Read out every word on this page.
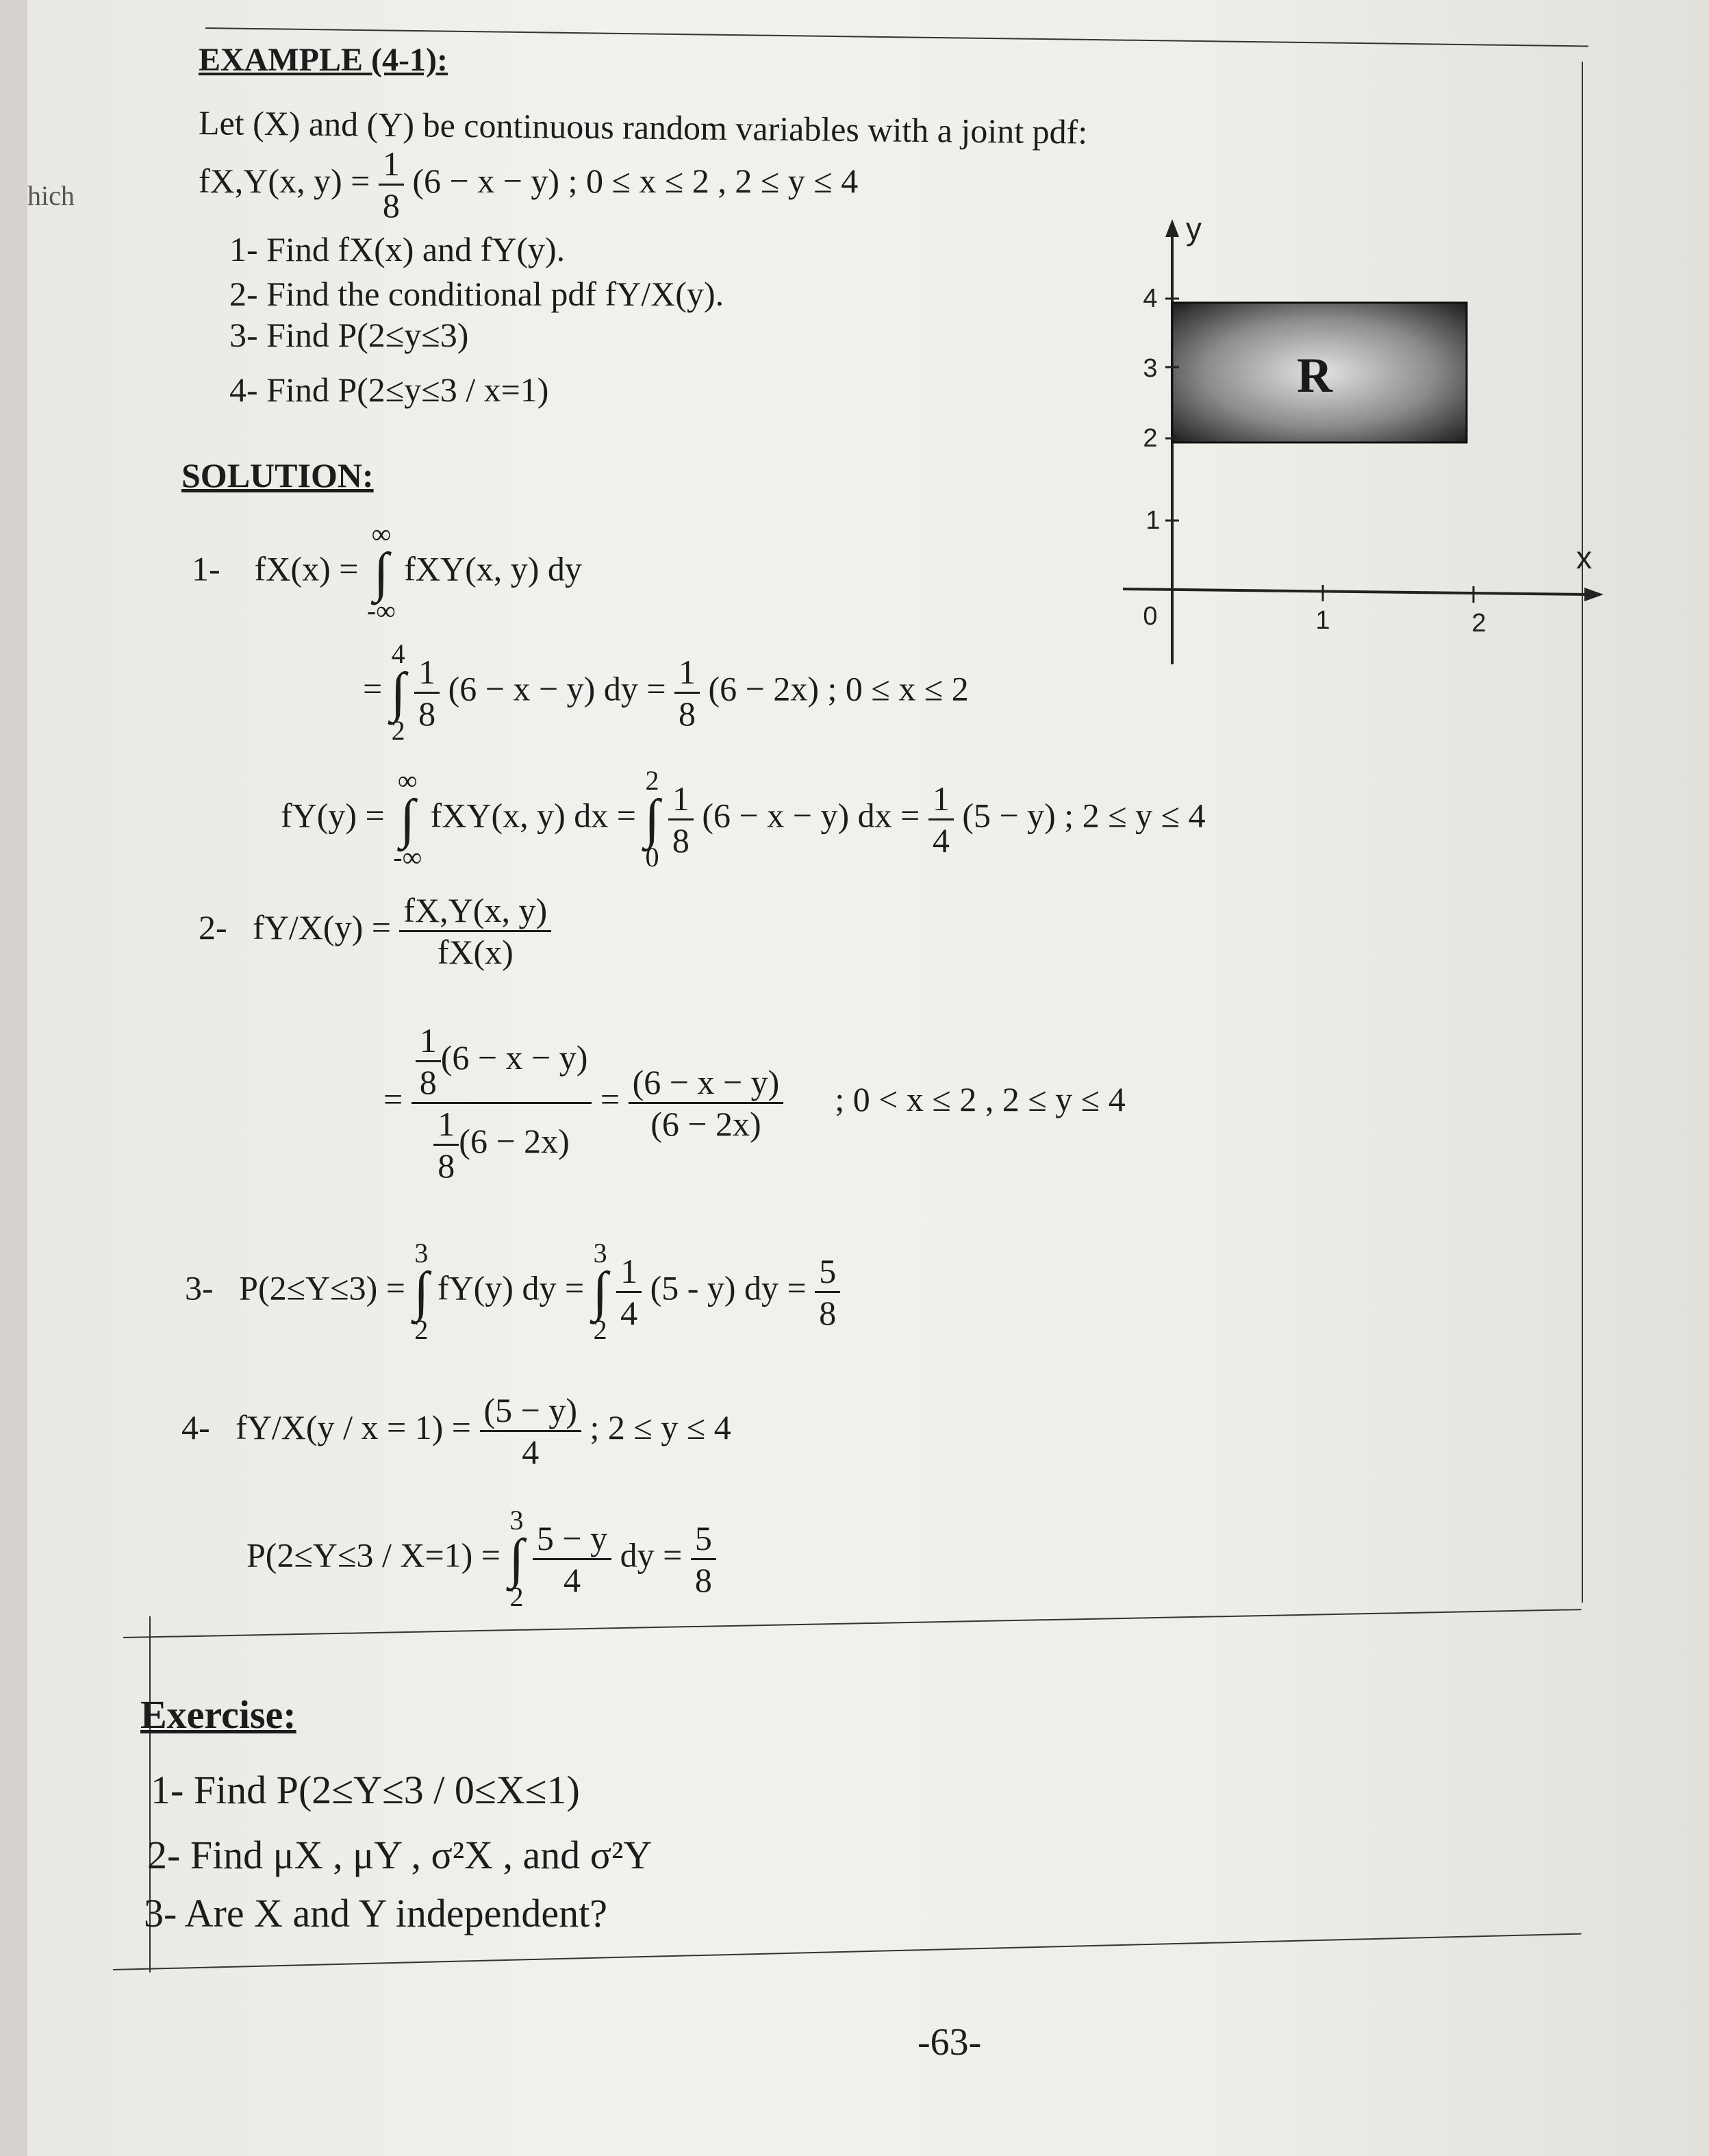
hich
EXAMPLE (4-1):
Let (X) and (Y) be continuous random variables with a joint pdf:
fX,Y(x, $y) = \frac{1}{8} (6 - x - y)$ ; 0 ≤ x ≤ 2 , 2 ≤ y ≤ 4
1- Find fX(x) and fY(y).
2- Find the conditional pdf fY/X(y).
3- Find P(2≤y≤3)
4- Find P(2≤y≤3 / x=1)	R
y
x
4
3
2
1
1	2
0
SOLUTION:
1- fX(x) = ∞
∫
-∞ fXY(x, y) dy
= 4
∫
$2 \frac{1}{8} (6 - x - y)$ dy = $\frac{1}{8} (6 - 2x)$ ; 0 ≤ x ≤ 2
fY(y) = ∞
∫
-∞ fXY(x, y) dx = 2
∫
$0 \frac{1}{8} (6 - x - y)$ dx = $\frac{1}{4} (5 - y)$ ; 2 ≤ y ≤ 4
2- $fY/X(y) = \frac{fX,Y(x, y)}{fX(x)}$
= $\frac{\frac{1}{8} (6 - x - y)}{\frac{1}{8} (6 - 2x)} = \frac{(6 - x - y)}{(6 - 2x)}$ ; 0 < x ≤ 2 , 2 ≤ y ≤ 4
3- P(2≤Y≤3) = 3
∫
2 fY(y) dy = 3
∫
$2 \frac{1}{4} (5 - y)$ dy = $\frac{5}{8}$
4- $fY/X(y / x = 1) = \frac{(5 - y)}{4}$ ; 2 ≤ y ≤ 4
P(2≤Y≤3 / X=1) = 3
∫
$2 \frac{5 - y}{4}$ dy = $\frac{5}{8}$
Exercise:
1- Find P(2≤Y≤3 / 0≤X≤1)
2- Find μX , μY , σ²X , and σ²Y
3- Are X and Y independent?
-63-
